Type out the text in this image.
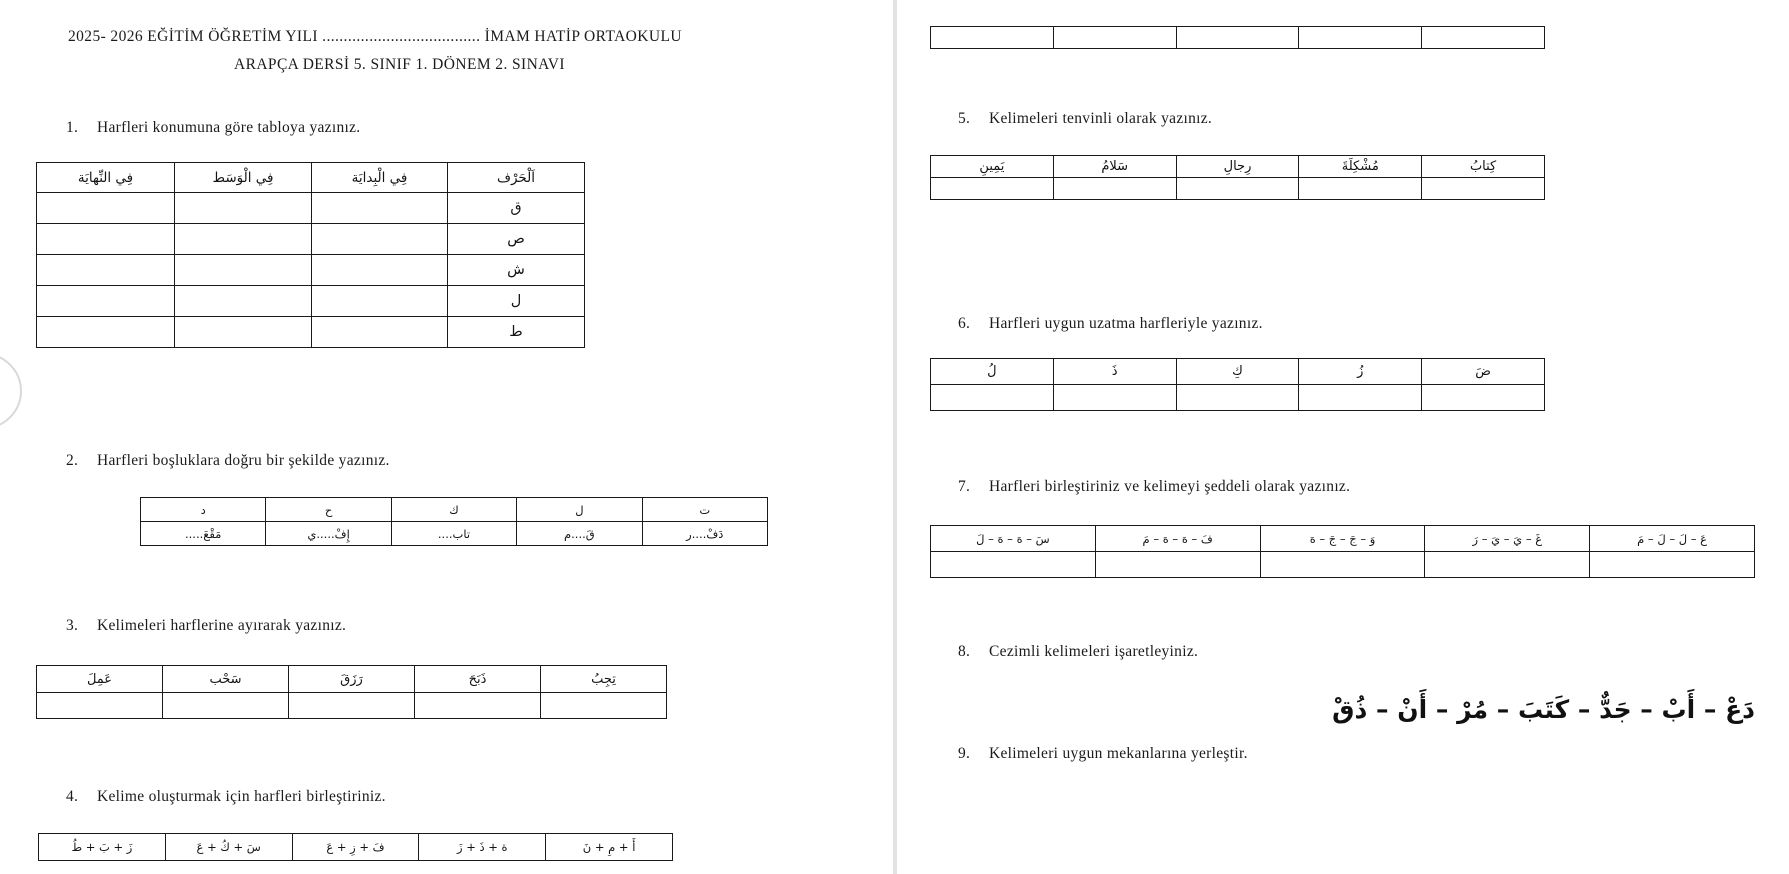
2025- 2026 EĞİTİM ÖĞRETİM YILI ..................................... İMAM HATİP ORTAOKULU
ARAPÇA DERSİ 5. SINIF 1. DÖNEM 2. SINAVI
1. Harfleri konumuna göre tabloya yazınız.
فِي النِّهايَة	فِي الْوَسَط	فِي الْبِدايَة	اَلْحَرْف
			ق
			ص
			ش
			ل
			ط
2. Harfleri boşluklara doğru bir şekilde yazınız.
د	ح	ك	ل	ت
مَقْعَ.....	إِفْ.....ي	تاب....	قَ....م	دَفْ....ر
3. Kelimeleri harflerine ayırarak yazınız.
عَمِلَ	سَحْب	رَزَقَ	ذَبَحَ	تِجِبُ

4. Kelime oluşturmak için harfleri birleştiriniz.
زَ + بَ + طُ	سَ + كُ + عَ	فَ + زِ + عَ	ة + ذَ + زَ	أَ + مِ + نَ

5. Kelimeleri tenvinli olarak yazınız.
يَمِينِ	سَلامُ	رِجالِ	مُشْكِلَةَ	كِتابُ

6. Harfleri uygun uzatma harfleriyle yazınız.
لُ	ذَ	كِ	زُ	ضَ

7. Harfleri birleştiriniz ve kelimeyi şeddeli olarak yazınız.
سَ – هَ – هَ – لَ	فَ – هَ – هَ – مَ	وَ – جَ – جَ – هَ	غَ – يَ – يَ – رَ	عَ – لَ – لَ – مَ

8. Cezimli kelimeleri işaretleyiniz.
دَعْ – أَبْ – جَدٌّ – كَتَبَ – مُرْ – أَنْ – ذُقْ
9. Kelimeleri uygun mekanlarına yerleştir.
